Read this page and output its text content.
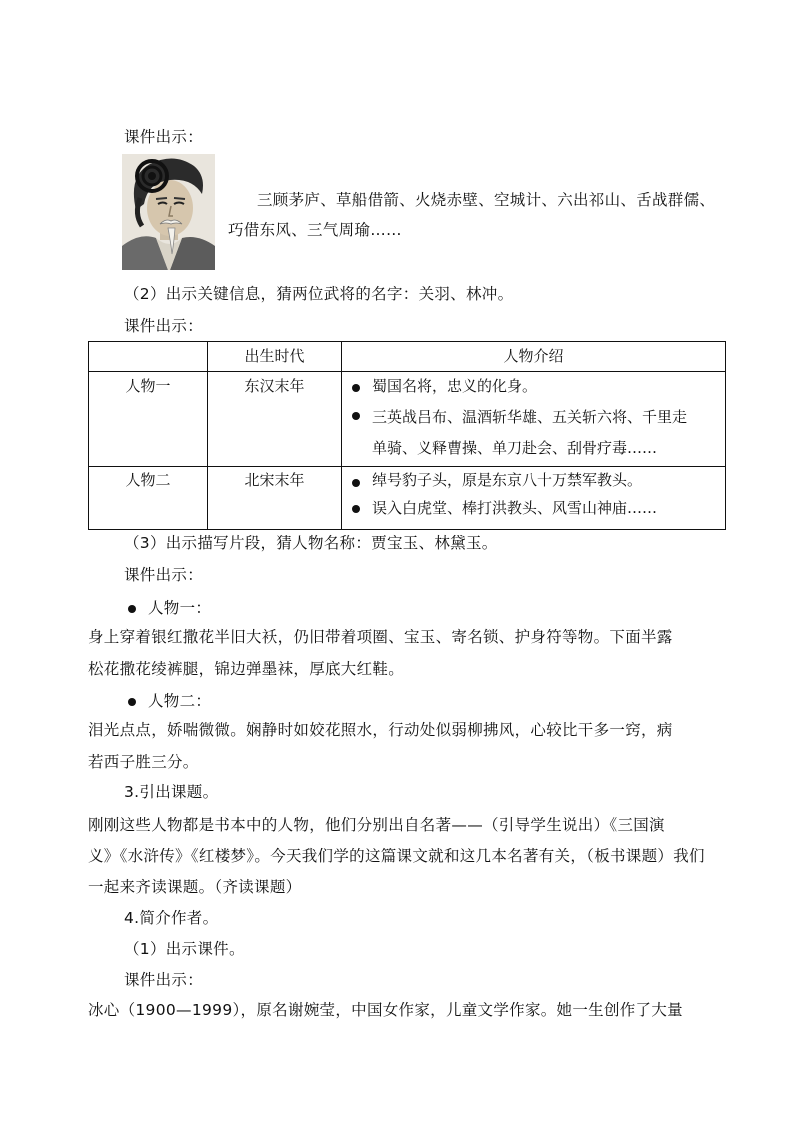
课件出示：
三顾茅庐、草船借箭、火烧赤壁、空城计、六出祁山、舌战群儒、
巧借东风、三气周瑜……
（2）出示关键信息，猜两位武将的名字：关羽、林冲。
课件出示：
	出生时代	人物介绍
人物一	东汉末年	蜀国名将，忠义的化身。
三英战吕布、温酒斩华雄、五关斩六将、千里走
单骑、义释曹操、单刀赴会、刮骨疗毒……

人物二	北宋末年	绰号豹子头，原是东京八十万禁军教头。
误入白虎堂、棒打洪教头、风雪山神庙……
（3）出示描写片段，猜人物名称：贾宝玉、林黛玉。
课件出示：
人物一：
身上穿着银红撒花半旧大袄，仍旧带着项圈、宝玉、寄名锁、护身符等物。下面半露
松花撒花绫裤腿，锦边弹墨袜，厚底大红鞋。
人物二：
泪光点点，娇喘微微。娴静时如姣花照水，行动处似弱柳拂风，心较比干多一窍，病
若西子胜三分。
3.引出课题。
刚刚这些人物都是书本中的人物，他们分别出自名著——（引导学生说出）《三国演
义》《水浒传》《红楼梦》。今天我们学的这篇课文就和这几本名著有关，（板书课题）我们
一起来齐读课题。（齐读课题）
4.简介作者。
（1）出示课件。
课件出示：
冰心（1900—1999），原名谢婉莹，中国女作家，儿童文学作家。她一生创作了大量
